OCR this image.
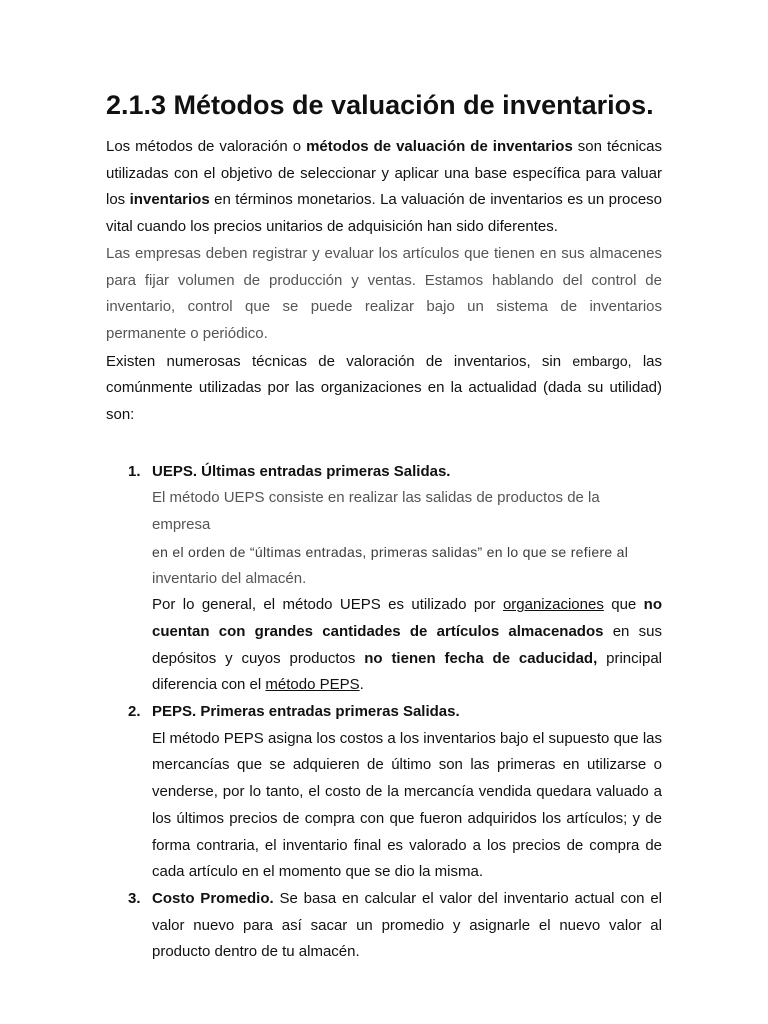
2.1.3 Métodos de valuación de inventarios.

Los métodos de valoración o métodos de valuación de inventarios son técnicas utilizadas con el objetivo de seleccionar y aplicar una base específica para valuar los inventarios en términos monetarios. La valuación de inventarios es un proceso vital cuando los precios unitarios de adquisición han sido diferentes.

Las empresas deben registrar y evaluar los artículos que tienen en sus almacenes para fijar volumen de producción y ventas. Estamos hablando del control de inventario, control que se puede realizar bajo un sistema de inventarios permanente o periódico.

Existen numerosas técnicas de valoración de inventarios, sin embargo, las comúnmente utilizadas por las organizaciones en la actualidad (dada su utilidad) son:

1. UEPS. Últimas entradas primeras Salidas.

El método UEPS consiste en realizar las salidas de productos de la empresa

en el orden de “últimas entradas, primeras salidas” en lo que se refiere al

inventario del almacén.

Por lo general, el método UEPS es utilizado por organizaciones que no cuentan con grandes cantidades de artículos almacenados en sus depósitos y cuyos productos no tienen fecha de caducidad, principal diferencia con el método PEPS.

2. PEPS. Primeras entradas primeras Salidas.

El método PEPS asigna los costos a los inventarios bajo el supuesto que las mercancías que se adquieren de último son las primeras en utilizarse o venderse, por lo tanto, el costo de la mercancía vendida quedara valuado a los últimos precios de compra con que fueron adquiridos los artículos; y de forma contraria, el inventario final es valorado a los precios de compra de cada artículo en el momento que se dio la misma.

3. Costo Promedio. Se basa en calcular el valor del inventario actual con el valor nuevo para así sacar un promedio y asignarle el nuevo valor al producto dentro de tu almacén.
